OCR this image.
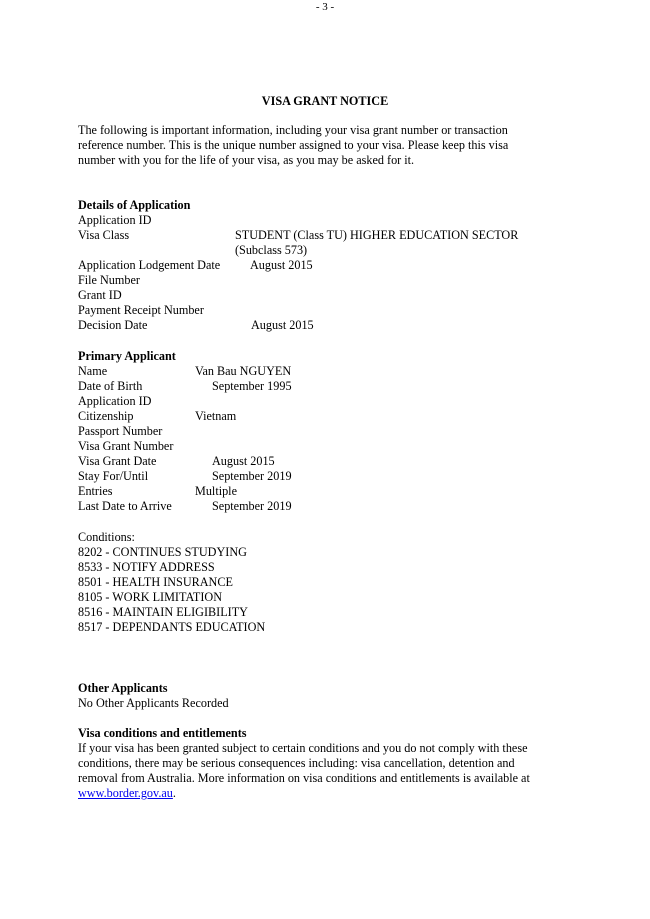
- 3 -
VISA GRANT NOTICE
The following is important information, including your visa grant number or transaction
reference number. This is the unique number assigned to your visa. Please keep this visa
number with you for the life of your visa, as you may be asked for it.
Details of Application
Application ID
Visa Class	STUDENT (Class TU) HIGHER EDUCATION SECTOR
(Subclass 573)
Application Lodgement Date August 2015
File Number
Grant ID
Payment Receipt Number
Decision Date	August 2015
Primary Applicant
Name	Van Bau NGUYEN
Date of Birth	September 1995
Application ID
Citizenship	Vietnam
Passport Number
Visa Grant Number
Visa Grant Date	August 2015
Stay For/Until	September 2019
Entries	Multiple
Last Date to Arrive	September 2019
Conditions:
8202 - CONTINUES STUDYING
8533 - NOTIFY ADDRESS
8501 - HEALTH INSURANCE
8105 - WORK LIMITATION
8516 - MAINTAIN ELIGIBILITY
8517 - DEPENDANTS EDUCATION
Other Applicants
No Other Applicants Recorded
Visa conditions and entitlements
If your visa has been granted subject to certain conditions and you do not comply with these
conditions, there may be serious consequences including: visa cancellation, detention and
removal from Australia. More information on visa conditions and entitlements is available at
www.border.gov.au.
